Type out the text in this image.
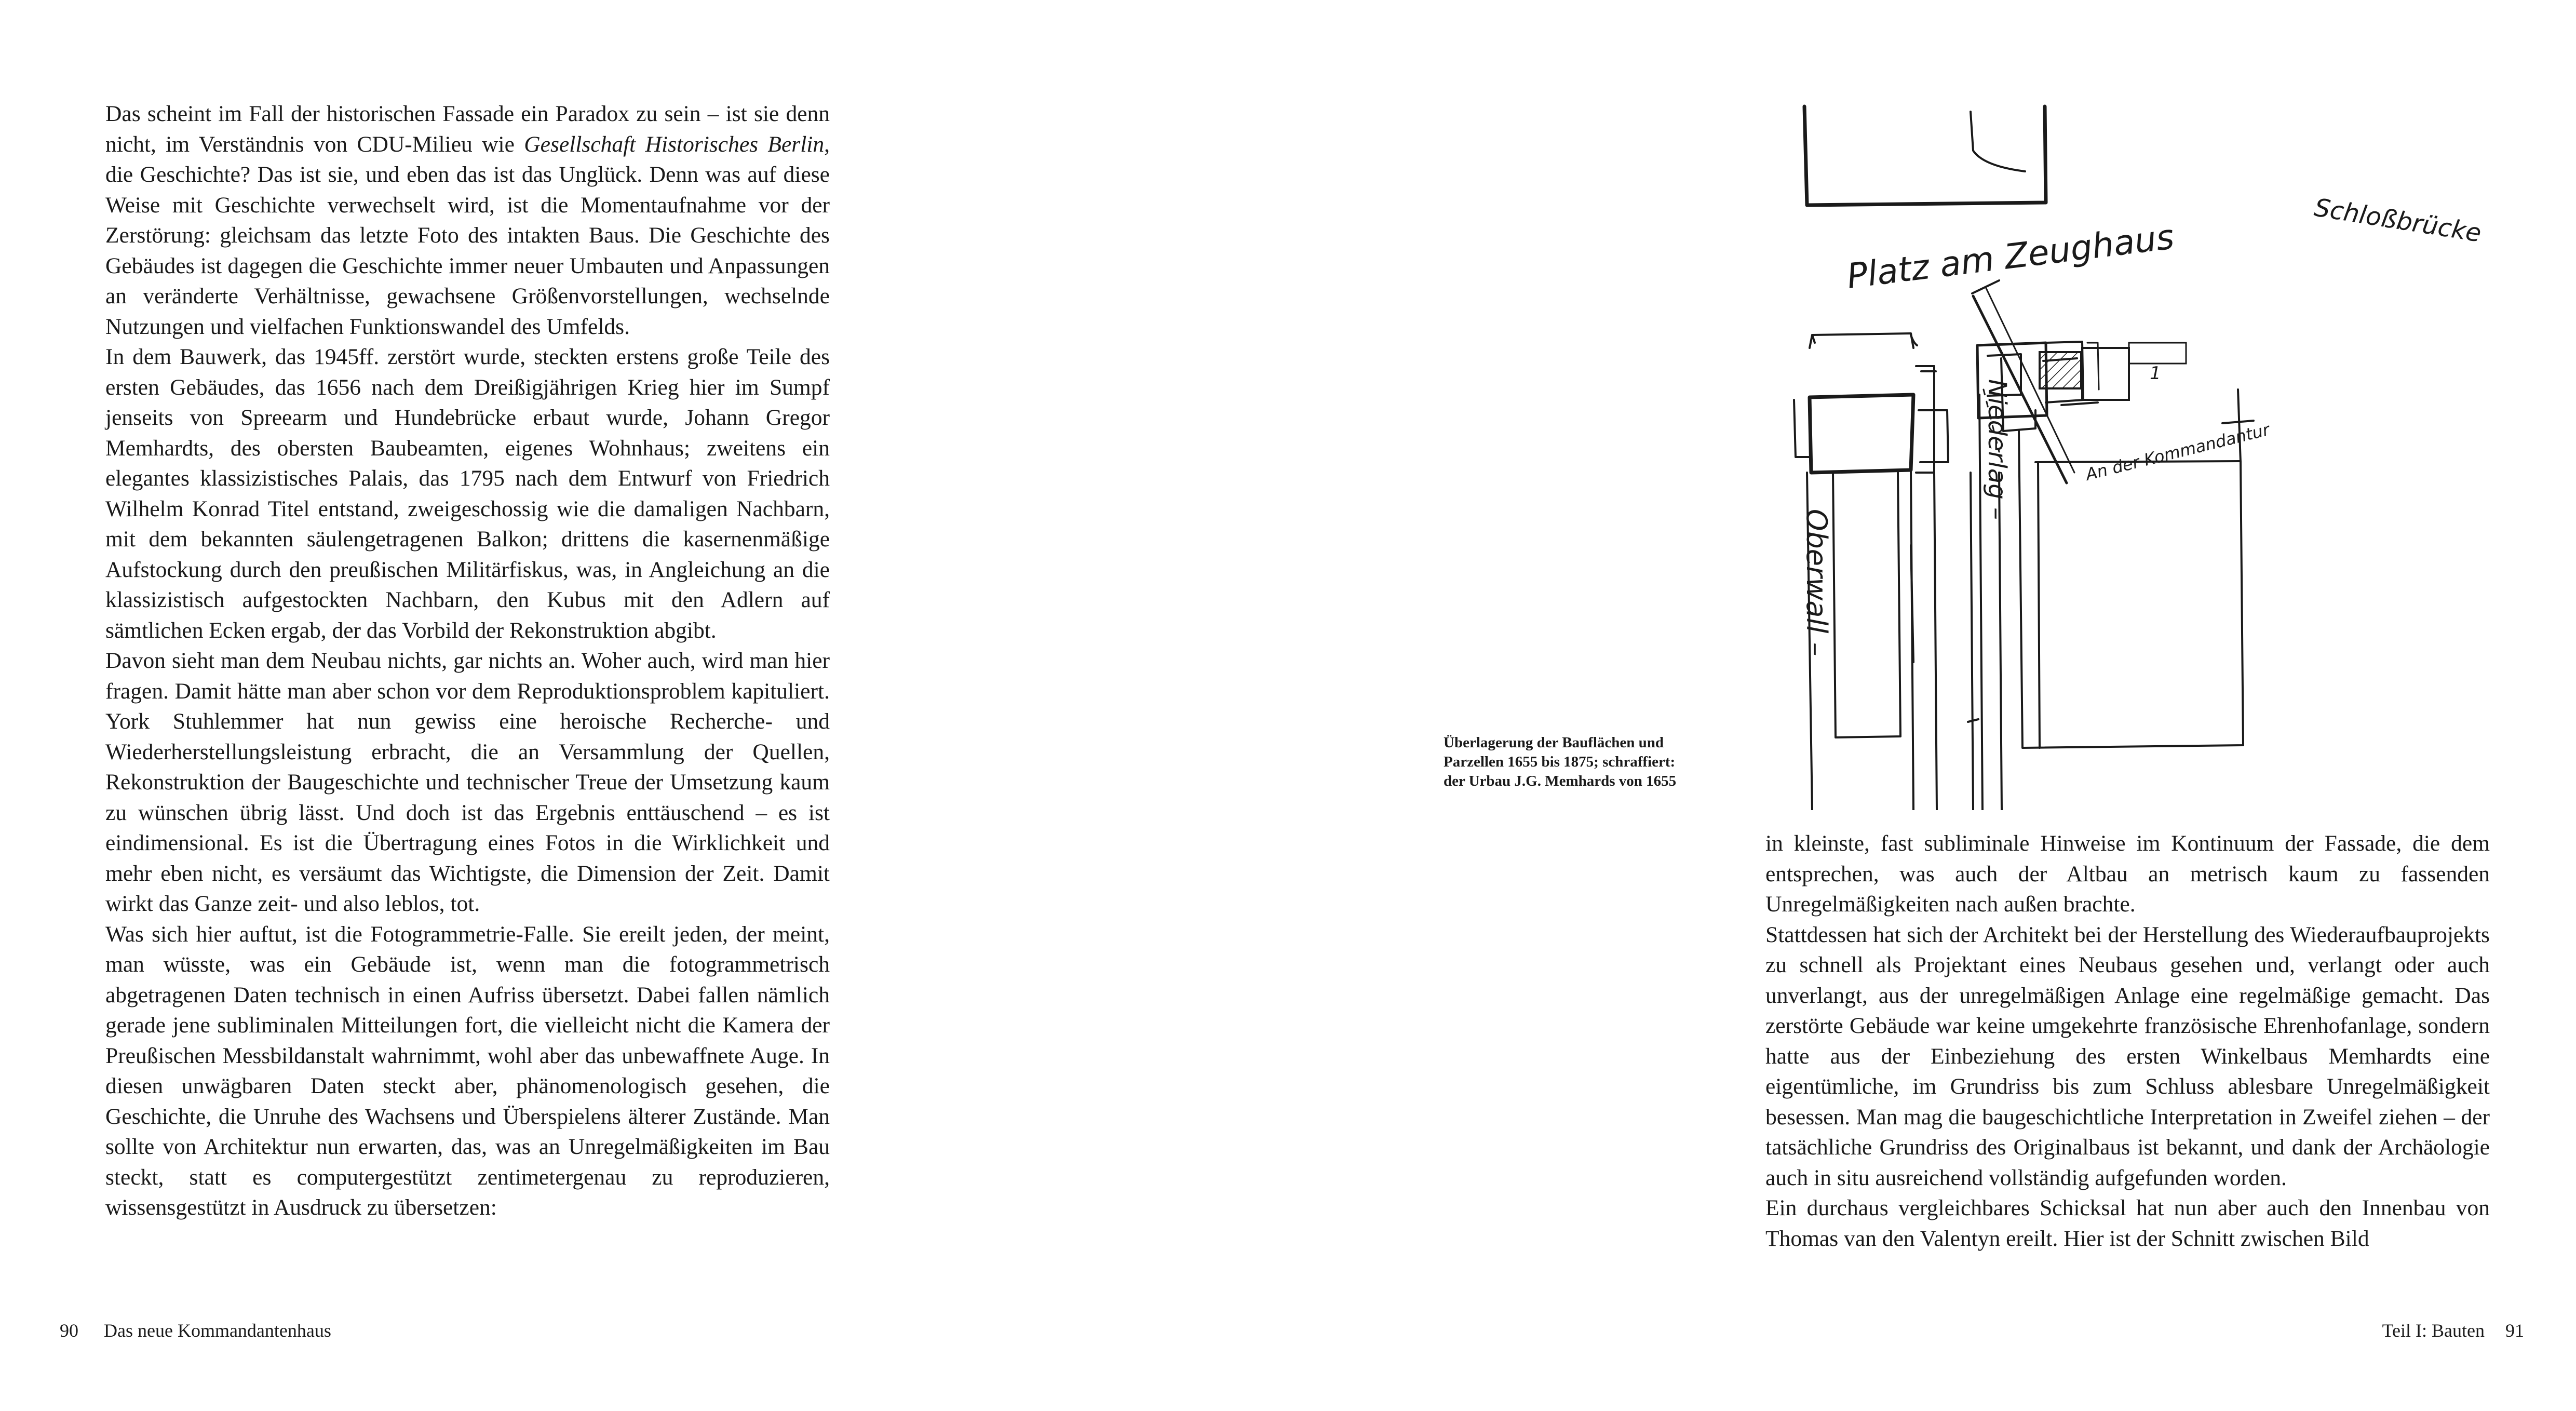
Das scheint im Fall der historischen Fassade ein Paradox zu sein – ist sie denn nicht, im Verständnis von CDU-Milieu wie Gesellschaft Historisches Berlin, die Geschichte? Das ist sie, und eben das ist das Unglück. Denn was auf diese Weise mit Geschichte verwechselt wird, ist die Momentaufnahme vor der Zerstörung: gleichsam das letzte Foto des intakten Baus. Die Geschichte des Gebäudes ist dagegen die Geschichte immer neuer Umbauten und Anpassungen an veränderte Verhältnisse, gewachsene Größenvorstellungen, wechselnde Nutzungen und vielfachen Funktionswandel des Umfelds.

In dem Bauwerk, das 1945ff. zerstört wurde, steckten erstens große Teile des ersten Gebäudes, das 1656 nach dem Dreißigjährigen Krieg hier im Sumpf jenseits von Spreearm und Hundebrücke erbaut wurde, Johann Gregor Memhardts, des obersten Baubeamten, eigenes Wohnhaus; zweitens ein elegantes klassizistisches Palais, das 1795 nach dem Entwurf von Friedrich Wilhelm Konrad Titel entstand, zweigeschossig wie die damaligen Nachbarn, mit dem bekannten säulengetragenen Balkon; drittens die kasernenmäßige Aufstockung durch den preußischen Militärfiskus, was, in Angleichung an die klassizistisch aufgestockten Nachbarn, den Kubus mit den Adlern auf sämtlichen Ecken ergab, der das Vorbild der Rekonstruktion abgibt.

Davon sieht man dem Neubau nichts, gar nichts an. Woher auch, wird man hier fragen. Damit hätte man aber schon vor dem Reproduktionsproblem kapituliert. York Stuhlemmer hat nun gewiss eine heroische Recherche- und Wiederherstellungsleistung erbracht, die an Versammlung der Quellen, Rekonstruktion der Baugeschichte und technischer Treue der Umsetzung kaum zu wünschen übrig lässt. Und doch ist das Ergebnis enttäuschend – es ist eindimensional. Es ist die Übertragung eines Fotos in die Wirklichkeit und mehr eben nicht, es versäumt das Wichtigste, die Dimension der Zeit. Damit wirkt das Ganze zeit- und also leblos, tot.

Was sich hier auftut, ist die Fotogrammetrie-Falle. Sie ereilt jeden, der meint, man wüsste, was ein Gebäude ist, wenn man die fotogrammetrisch abgetragenen Daten technisch in einen Aufriss übersetzt. Dabei fallen nämlich gerade jene subliminalen Mitteilungen fort, die vielleicht nicht die Kamera der Preußischen Messbildanstalt wahrnimmt, wohl aber das unbewaffnete Auge. In diesen unwägbaren Daten steckt aber, phänomenologisch gesehen, die Geschichte, die Unruhe des Wachsens und Überspielens älterer Zustände. Man sollte von Architektur nun erwarten, das, was an Unregelmäßigkeiten im Bau steckt, statt es computergestützt zentimetergenau zu reproduzieren, wissensgestützt in Ausdruck zu übersetzen:

90 Das neue Kommandantenhaus
Überlagerung der Bauflächen und
Parzellen 1655 bis 1875; schraffiert:
der Urbau J.G. Memhards von 1655
Platz am Zeughaus	Schloßbrücke
Niederlag –	An der Kommandantur
Oberwall –
1

in kleinste, fast subliminale Hinweise im Kontinuum der Fassade, die dem entsprechen, was auch der Altbau an metrisch kaum zu fassenden Unregelmäßigkeiten nach außen brachte.

Stattdessen hat sich der Architekt bei der Herstellung des Wiederaufbauprojekts zu schnell als Projektant eines Neubaus gesehen und, verlangt oder auch unverlangt, aus der unregelmäßigen Anlage eine regelmäßige gemacht. Das zerstörte Gebäude war keine umgekehrte französische Ehrenhofanlage, sondern hatte aus der Einbeziehung des ersten Winkelbaus Memhardts eine eigentümliche, im Grundriss bis zum Schluss ablesbare Unregelmäßigkeit besessen. Man mag die baugeschichtliche Interpretation in Zweifel ziehen – der tatsächliche Grundriss des Originalbaus ist bekannt, und dank der Archäologie auch in situ ausreichend vollständig aufgefunden worden.

Ein durchaus vergleichbares Schicksal hat nun aber auch den Innenbau von Thomas van den Valentyn ereilt. Hier ist der Schnitt zwischen Bild

Teil I: Bauten 91
